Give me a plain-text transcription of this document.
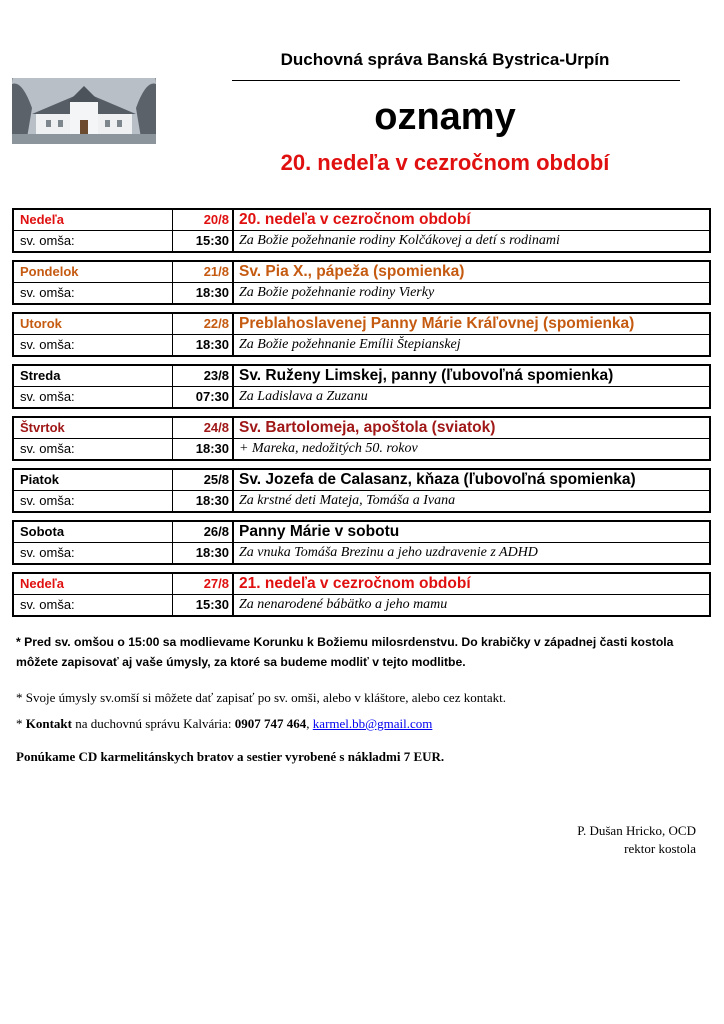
Duchovná správa Banská Bystrica-Urpín
oznamy
20. nedeľa v cezročnom období
Nedeľa	20/8 20. nedeľa v cezročnom období
sv. omša:	15:30 Za Božie požehnanie rodiny Kolčákovej a detí s rodinami
Pondelok	21/8 Sv. Pia X., pápeža (spomienka)
sv. omša:	18:30 Za Božie požehnanie rodiny Vierky
Utorok	22/8 Preblahoslavenej Panny Márie Kráľovnej (spomienka)
sv. omša:	18:30 Za Božie požehnanie Emílii Štepianskej
Streda	23/8 Sv. Ruženy Limskej, panny (ľubovoľná spomienka)
sv. omša:	07:30 Za Ladislava a Zuzanu
Štvrtok	24/8 Sv. Bartolomeja, apoštola (sviatok)
sv. omša:	18:30 + Mareka, nedožitých 50. rokov
Piatok	25/8 Sv. Jozefa de Calasanz, kňaza (ľubovoľná spomienka)
sv. omša:	18:30 Za krstné deti Mateja, Tomáša a Ivana
Sobota	26/8 Panny Márie v sobotu
sv. omša:	18:30 Za vnuka Tomáša Brezinu a jeho uzdravenie z ADHD
Nedeľa	27/8 21. nedeľa v cezročnom období
sv. omša:	15:30 Za nenarodené bábätko a jeho mamu
* Pred sv. omšou o 15:00 sa modlievame Korunku k Božiemu milosrdenstvu. Do krabičky v západnej časti kostola môžete zapisovať aj vaše úmysly, za ktoré sa budeme modliť v tejto modlitbe.
* Svoje úmysly sv.omší si môžete dať zapisať po sv. omši, alebo v kláštore, alebo cez kontakt.
* Kontakt na duchovnú správu Kalvária: 0907 747 464, karmel.bb@gmail.com
Ponúkame CD karmelitánskych bratov a sestier vyrobené s nákladmi 7 EUR.
P. Dušan Hricko, OCD
rektor kostola
